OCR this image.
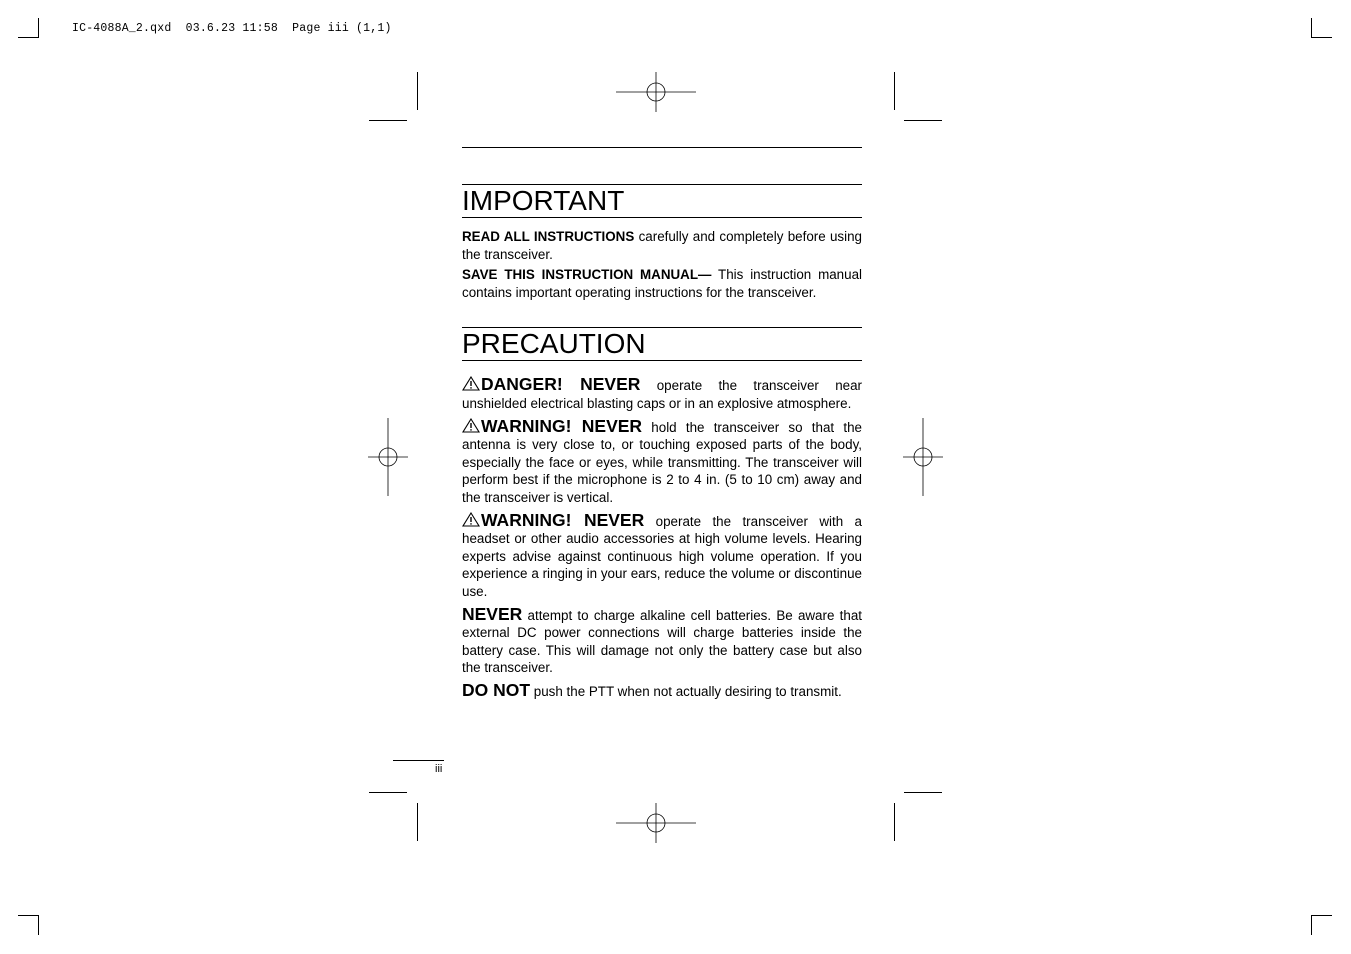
IC-4088A_2.qxd  03.6.23 11:58  Page iii (1,1)
IMPORTANT

READ ALL INSTRUCTIONS carefully and completely before using the transceiver.

SAVE THIS INSTRUCTION MANUAL— This instruction manual contains important operating instructions for the transceiver.

PRECAUTION

DANGER! NEVER operate the transceiver near unshielded electrical blasting caps or in an explosive atmosphere.

WARNING! NEVER hold the transceiver so that the antenna is very close to, or touching exposed parts of the body, especially the face or eyes, while transmitting. The transceiver will perform best if the microphone is 2 to 4 in. (5 to 10 cm) away and the transceiver is vertical.

WARNING! NEVER operate the transceiver with a headset or other audio accessories at high volume levels. Hearing experts advise against continuous high volume operation. If you experience a ringing in your ears, reduce the volume or discontinue use.

NEVER attempt to charge alkaline cell batteries. Be aware that external DC power connections will charge batteries inside the battery case. This will damage not only the battery case but also the transceiver.

DO NOT push the PTT when not actually desiring to transmit.

iii
